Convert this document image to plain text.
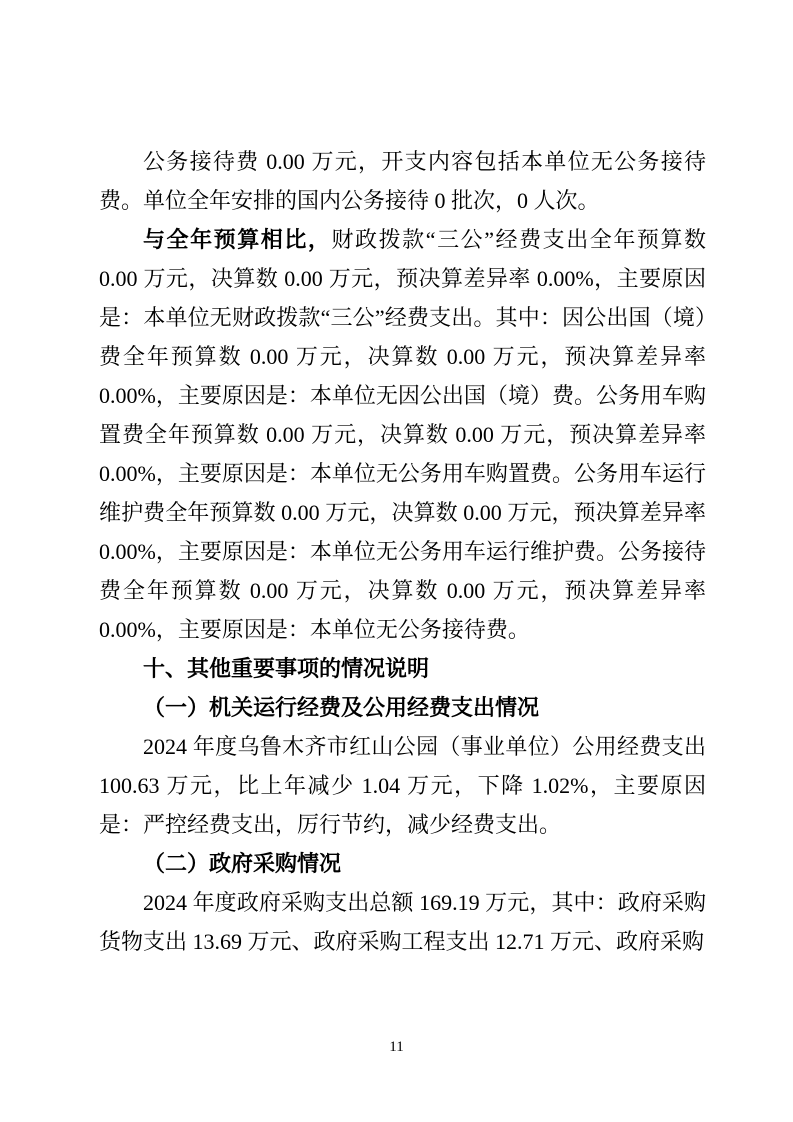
公务接待费 0.00 万元，开支内容包括本单位无公务接待费。单位全年安排的国内公务接待 0 批次，0 人次。

与全年预算相比，财政拨款“三公”经费支出全年预算数 0.00 万元，决算数 0.00 万元，预决算差异率 0.00%，主要原因是：本单位无财政拨款“三公”经费支出。其中：因公出国（境）费全年预算数 0.00 万元，决算数 0.00 万元，预决算差异率 0.00%，主要原因是：本单位无因公出国（境）费。公务用车购置费全年预算数 0.00 万元，决算数 0.00 万元，预决算差异率 0.00%，主要原因是：本单位无公务用车购置费。公务用车运行维护费全年预算数 0.00 万元，决算数 0.00 万元，预决算差异率 0.00%，主要原因是：本单位无公务用车运行维护费。公务接待费全年预算数 0.00 万元，决算数 0.00 万元，预决算差异率 0.00%，主要原因是：本单位无公务接待费。

十、其他重要事项的情况说明
（一）机关运行经费及公用经费支出情况

2024 年度乌鲁木齐市红山公园（事业单位）公用经费支出 100.63 万元，比上年减少 1.04 万元，下降 1.02%，主要原因是：严控经费支出，厉行节约，减少经费支出。

（二）政府采购情况

2024 年度政府采购支出总额 169.19 万元，其中：政府采购货物支出 13.69 万元、政府采购工程支出 12.71 万元、政府采购

11
